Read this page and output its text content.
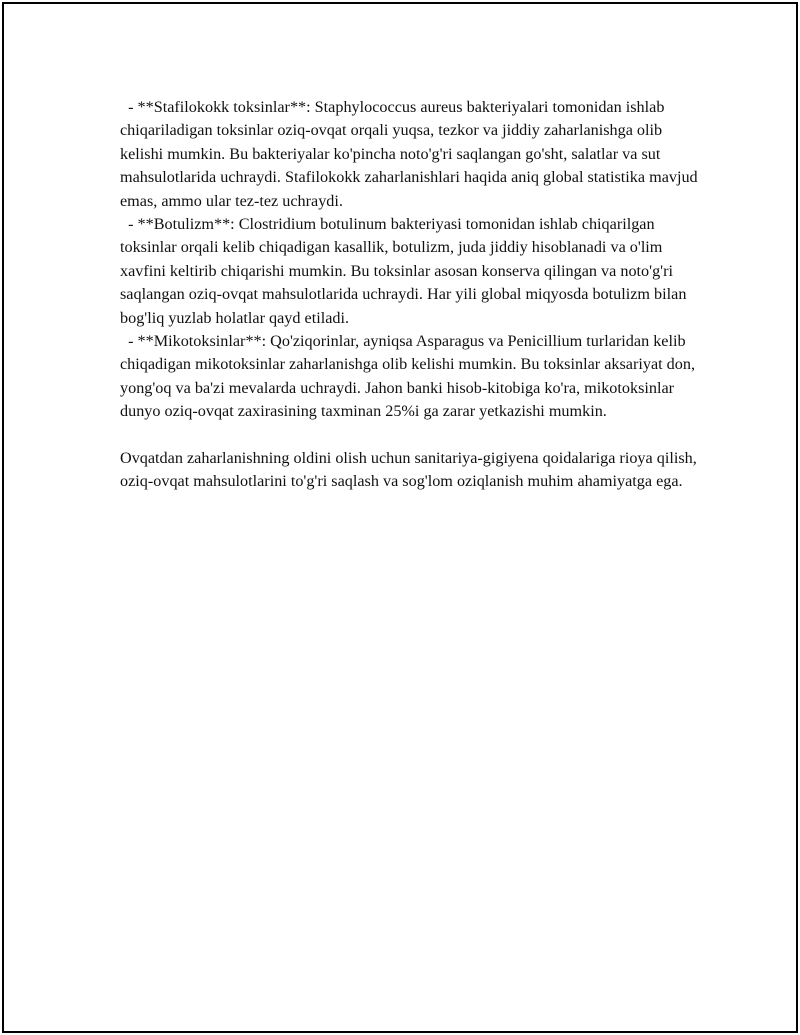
- **Stafilokokk toksinlar**: Staphylococcus aureus bakteriyalari tomonidan ishlab chiqariladigan toksinlar oziq-ovqat orqali yuqsa, tezkor va jiddiy zaharlanishga olib kelishi mumkin. Bu bakteriyalar ko'pincha noto'g'ri saqlangan go'sht, salatlar va sut mahsulotlarida uchraydi. Stafilokokk zaharlanishlari haqida aniq global statistika mavjud emas, ammo ular tez-tez uchraydi.

- **Botulizm**: Clostridium botulinum bakteriyasi tomonidan ishlab chiqarilgan toksinlar orqali kelib chiqadigan kasallik, botulizm, juda jiddiy hisoblanadi va o'lim xavfini keltirib chiqarishi mumkin. Bu toksinlar asosan konserva qilingan va noto'g'ri saqlangan oziq-ovqat mahsulotlarida uchraydi. Har yili global miqyosda botulizm bilan bog'liq yuzlab holatlar qayd etiladi.

- **Mikotoksinlar**: Qo'ziqorinlar, ayniqsa Asparagus va Penicillium turlaridan kelib chiqadigan mikotoksinlar zaharlanishga olib kelishi mumkin. Bu toksinlar aksariyat don, yong'oq va ba'zi mevalarda uchraydi. Jahon banki hisob-kitobiga ko'ra, mikotoksinlar dunyo oziq-ovqat zaxirasining taxminan 25%i ga zarar yetkazishi mumkin.

Ovqatdan zaharlanishning oldini olish uchun sanitariya-gigiyena qoidalariga rioya qilish, oziq-ovqat mahsulotlarini to'g'ri saqlash va sog'lom oziqlanish muhim ahamiyatga ega.
